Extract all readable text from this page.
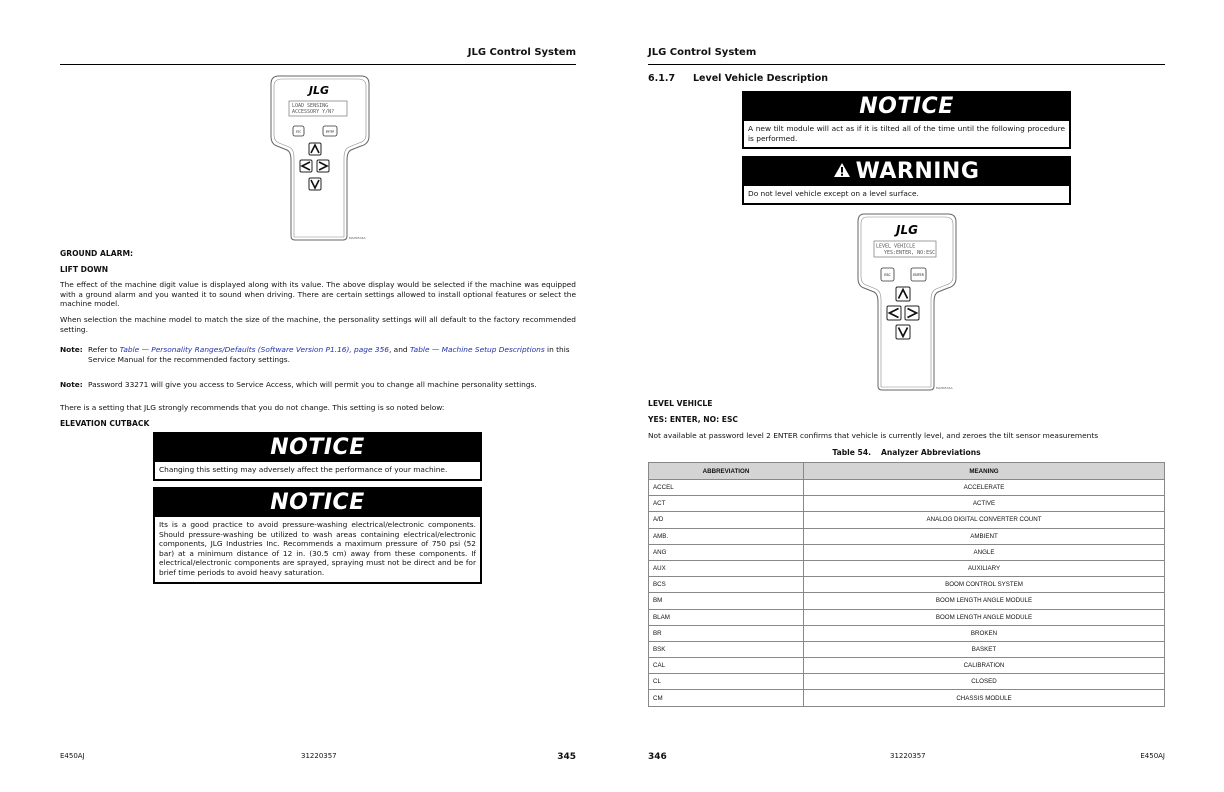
JLG Control System
JLG
LOAD SENSING
ACCESSORY Y/N?
ESC	ENTER
MAH0534A
GROUND ALARM:
LIFT DOWN
The effect of the machine digit value is displayed along with its value. The above display would be selected if the machine was equipped with a ground alarm and you wanted it to sound when driving. There are certain settings allowed to install optional features or select the machine model.
When selection the machine model to match the size of the machine, the personality settings will all default to the factory recommended setting.
Note: Refer to Table — Personality Ranges/Defaults (Software Version P1.16), page 356, and Table — Machine Setup Descriptions in this Service Manual for the recommended factory settings.
Note: Password 33271 will give you access to Service Access, which will permit you to change all machine personality settings.
There is a setting that JLG strongly recommends that you do not change. This setting is so noted below:
ELEVATION CUTBACK
NOTICE
Changing this setting may adversely affect the performance of your machine.
NOTICE
Its is a good practice to avoid pressure-washing electrical/electronic components. Should pressure-washing be utilized to wash areas containing electrical/electronic components, JLG Industries Inc. Recommends a maximum pressure of 750 psi (52 bar) at a minimum distance of 12 in. (30.5 cm) away from these components. If electrical/electronic components are sprayed, spraying must not be direct and be for brief time periods to avoid heavy saturation.
E450AJ	31220357	345
JLG Control System
6.1.7 Level Vehicle Description
NOTICE
A new tilt module will act as if it is tilted all of the time until the following procedure is performed.
WARNING
Do not level vehicle except on a level surface.
JLG
LEVEL VEHICLE
YES:ENTER, NO:ESC
ESC	ENTER
MAH0531A
LEVEL VEHICLE
YES: ENTER, NO: ESC
Not available at password level 2 ENTER confirms that vehicle is currently level, and zeroes the tilt sensor measurements
Table 54. Analyzer Abbreviations
ABBREVIATION	MEANING
ACCEL	ACCELERATE
ACT	ACTIVE
A/D	ANALOG DIGITAL CONVERTER COUNT
AMB.	AMBIENT
ANG	ANGLE
AUX	AUXILIARY
BCS	BOOM CONTROL SYSTEM
BM	BOOM LENGTH ANGLE MODULE
BLAM	BOOM LENGTH ANGLE MODULE
BR	BROKEN
BSK	BASKET
CAL	CALIBRATION
CL	CLOSED
CM	CHASSIS MODULE
346	31220357	E450AJ
